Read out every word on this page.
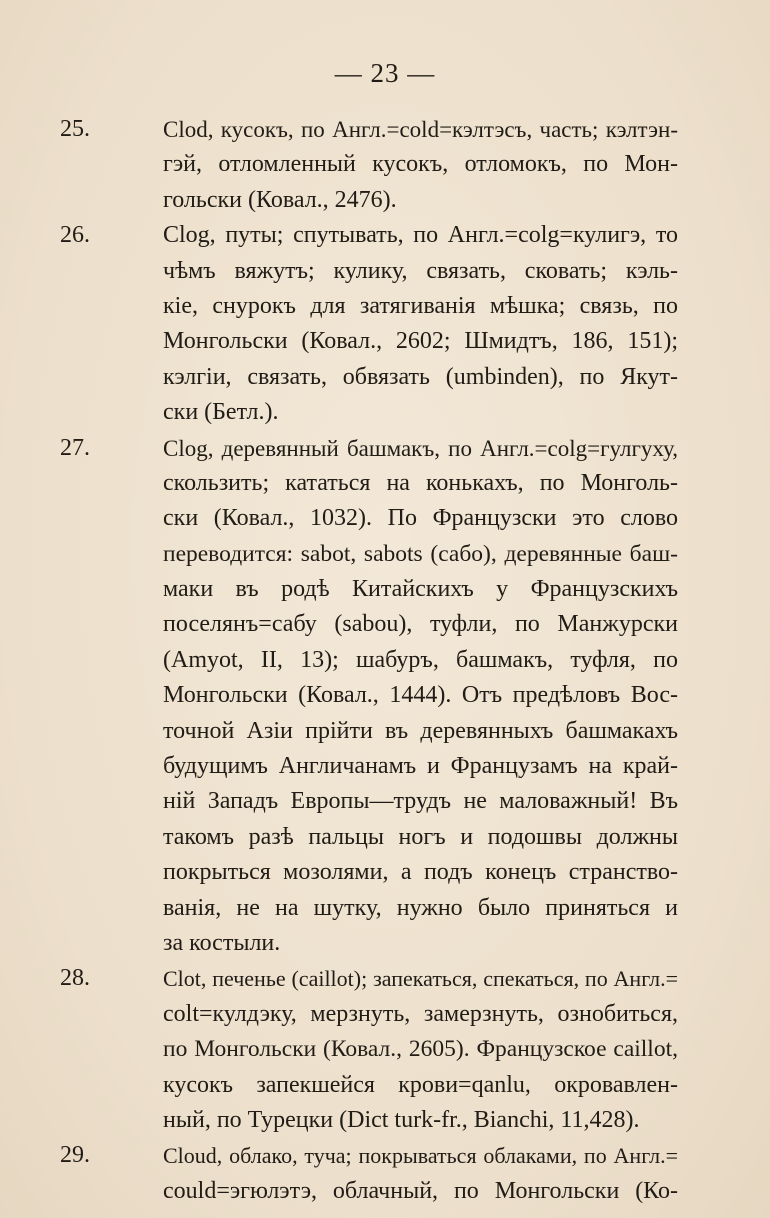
— 23 —
25.	Clod, кусокъ, по Англ.=cold=кэлтэсъ, часть; кэлтэн-
гэй, отломленный кусокъ, отломокъ, по Мон-
гольски (Ковал., 2476).
26.	Clog, путы; спутывать, по Англ.=colg=кулигэ, то
чѣмъ вяжутъ; кулику, связать, сковать; кэль-
кіе, снурокъ для затягиванія мѣшка; связь, по
Монгольски (Ковал., 2602; Шмидтъ, 186, 151);
кэлгіи, связать, обвязать (umbinden), по Якут-
ски (Бетл.).
27.	Clog, деревянный башмакъ, по Англ.=colg=гулгуху,
скользить; кататься на конькахъ, по Монголь-
ски (Ковал., 1032). По Французски это слово
переводится: sabot, sabots (сабо), деревянные баш-
маки въ родѣ Китайскихъ у Французскихъ
поселянъ=сабу (sabou), туфли, по Манжурски
(Amyot, II, 13); шабуръ, башмакъ, туфля, по
Монгольски (Ковал., 1444). Отъ предѣловъ Вос-
точной Азіи прійти въ деревянныхъ башмакахъ
будущимъ Англичанамъ и Французамъ на край-
ній Западъ Европы—трудъ не маловажный! Въ
такомъ разѣ пальцы ногъ и подошвы должны
покрыться мозолями, а подъ конецъ странство-
ванія, не на шутку, нужно было приняться и
за костыли.
28.	Clot, печенье (caillot); запекаться, спекаться, по Англ.=
colt=кулдэку, мерзнуть, замерзнуть, ознобиться,
по Монгольски (Ковал., 2605). Французское caillot,
кусокъ запекшейся крови=qanlu, окровавлен-
ный, по Турецки (Dict turk-fr., Bianchi, 11,428).
29.	Cloud, облако, туча; покрываться облаками, по Англ.=
could=эгюлэтэ, облачный, по Монгольски (Ко-
